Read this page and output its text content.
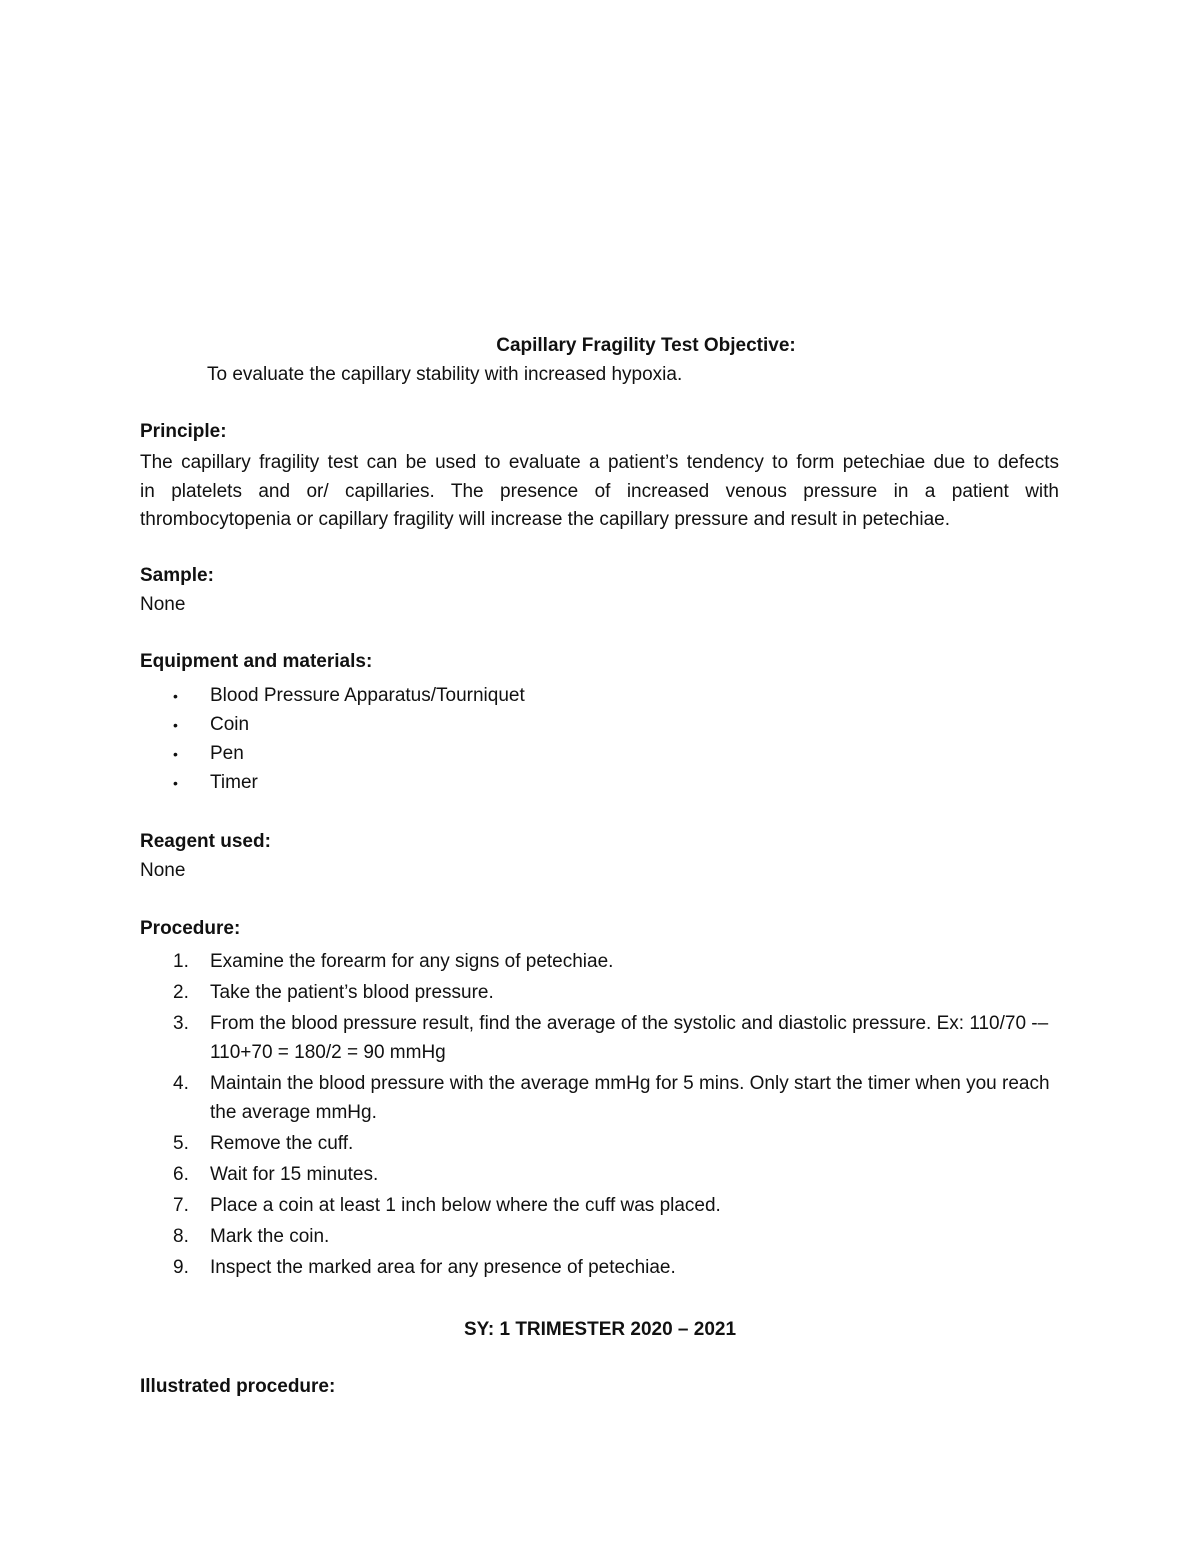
Capillary Fragility Test Objective:
To evaluate the capillary stability with increased hypoxia.
Principle:
The capillary fragility test can be used to evaluate a patient’s tendency to form petechiae due to defects
in platelets and or/ capillaries. The presence of increased venous pressure in a patient with
thrombocytopenia or capillary fragility will increase the capillary pressure and result in petechiae.
Sample:
None
Equipment and materials:
• Blood Pressure Apparatus/Tourniquet
• Coin
• Pen
• Timer
Reagent used:
None
Procedure:
1. Examine the forearm for any signs of petechiae.
2. Take the patient’s blood pressure.
3. From the blood pressure result, find the average of the systolic and diastolic pressure. Ex: 110/70 -– 110+70 = 180/2 = 90 mmHg
4. Maintain the blood pressure with the average mmHg for 5 mins. Only start the timer when you reach the average mmHg.
5. Remove the cuff.
6. Wait for 15 minutes.
7. Place a coin at least 1 inch below where the cuff was placed.
8. Mark the coin.
9. Inspect the marked area for any presence of petechiae.
SY: 1 TRIMESTER 2020 – 2021
Illustrated procedure:
